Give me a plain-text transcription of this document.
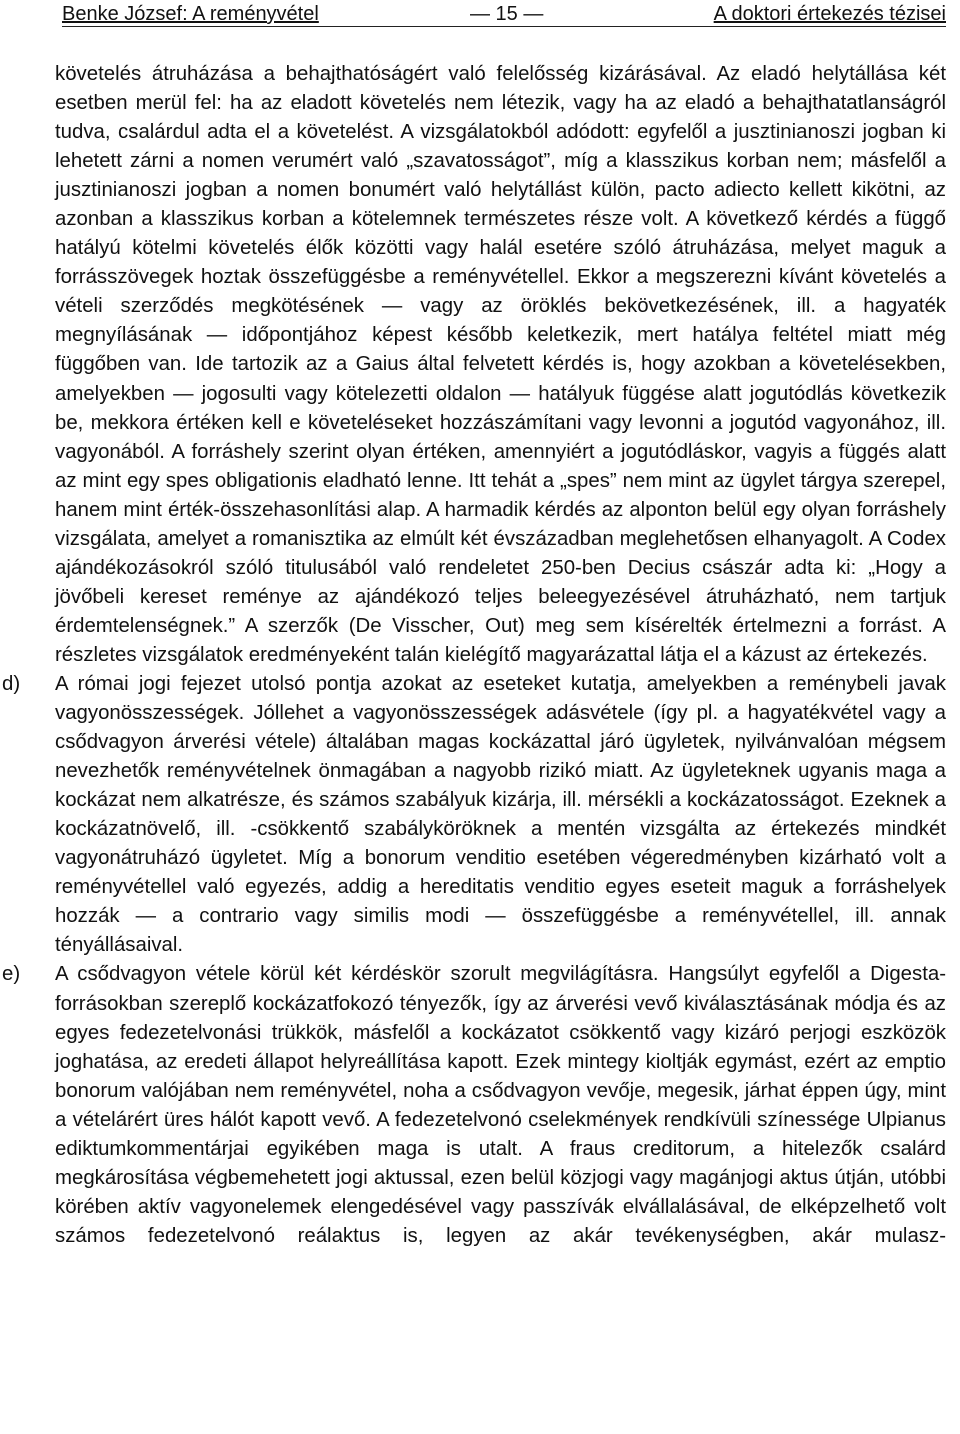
Benke József: A reményvétel	— 15 —	A doktori értekezés tézisei

követelés átruházása a behajthatóságért való felelősség kizárásával. Az eladó helytállása két esetben merül fel: ha az eladott követelés nem létezik, vagy ha az eladó a behajthatatlanságról tudva, csalárdul adta el a követelést. A vizsgálatokból adódott: egyfelől a jusztinianoszi jogban ki lehetett zárni a nomen verumért való „szavatosságot”, míg a klasszikus korban nem; másfelől a jusztinianoszi jogban a nomen bonumért való helytállást külön, pacto adiecto kellett kikötni, az azonban a klasszikus korban a kötelemnek természetes része volt. A következő kérdés a függő hatályú kötelmi követelés élők közötti vagy halál esetére szóló átruházása, melyet maguk a forrásszövegek hoztak összefüggésbe a reményvétellel. Ekkor a megszerezni kívánt követelés a vételi szerződés megkötésének — vagy az öröklés bekövetkezésének, ill. a hagyaték megnyílásának — időpontjához képest később keletkezik, mert hatálya feltétel miatt még függőben van. Ide tartozik az a Gaius által felvetett kérdés is, hogy azokban a követelésekben, amelyekben — jogosulti vagy kötelezetti oldalon — hatályuk függése alatt jogutódlás következik be, mekkora értéken kell e követeléseket hozzászámítani vagy levonni a jogutód vagyonához, ill. vagyonából. A forráshely szerint olyan értéken, amennyiért a jogutódláskor, vagyis a függés alatt az mint egy spes obligationis eladható lenne. Itt tehát a „spes” nem mint az ügylet tárgya szerepel, hanem mint érték-összehasonlítási alap. A harmadik kérdés az alponton belül egy olyan forráshely vizsgálata, amelyet a romanisztika az elmúlt két évszázadban meglehetősen elhanyagolt. A Codex ajándékozásokról szóló titulusából való rendeletet 250-ben Decius császár adta ki: „Hogy a jövőbeli kereset reménye az ajándékozó teljes beleegyezésével átruházható, nem tartjuk érdemtelenségnek.” A szerzők (De Visscher, Out) meg sem kísérelték értelmezni a forrást. A részletes vizsgálatok eredményeként talán kielégítő magyarázattal látja el a kázust az értekezés.

d) A római jogi fejezet utolsó pontja azokat az eseteket kutatja, amelyekben a reménybeli javak vagyonösszességek. Jóllehet a vagyonösszességek adásvétele (így pl. a hagyatékvétel vagy a csődvagyon árverési vétele) általában magas kockázattal járó ügyletek, nyilvánvalóan mégsem nevezhetők reményvételnek önmagában a nagyobb rizikó miatt. Az ügyleteknek ugyanis maga a kockázat nem alkatrésze, és számos szabályuk kizárja, ill. mérsékli a kockázatosságot. Ezeknek a kockázatnövelő, ill. -csökkentő szabályköröknek a mentén vizsgálta az értekezés mindkét vagyonátruházó ügyletet. Míg a bonorum venditio esetében végeredményben kizárható volt a reményvétellel való egyezés, addig a hereditatis venditio egyes eseteit maguk a forráshelyek hozzák — a contrario vagy similis modi — összefüggésbe a reményvétellel, ill. annak tényállásaival.
e) A csődvagyon vétele körül két kérdéskör szorult megvilágításra. Hangsúlyt egyfelől a Digesta-forrásokban szereplő kockázatfokozó tényezők, így az árverési vevő kiválasztásának módja és az egyes fedezetelvonási trükkök, másfelől a kockázatot csökkentő vagy kizáró perjogi eszközök joghatása, az eredeti állapot helyreállítása kapott. Ezek mintegy kioltják egymást, ezért az emptio bonorum valójában nem reményvétel, noha a csődvagyon vevője, megesik, járhat éppen úgy, mint a vételárért üres hálót kapott vevő. A fedezetelvonó cselekmények rendkívüli színessége Ulpianus ediktumkommentárjai egyikében maga is utalt. A fraus creditorum, a hitelezők csalárd megkárosítása végbemehetett jogi aktussal, ezen belül közjogi vagy magánjogi aktus útján, utóbbi körében aktív vagyonelemek elengedésével vagy passzívák elvállalásával, de elképzelhető volt számos fedezetelvonó reálaktus is, legyen az akár tevékenységben, akár mulasz-
